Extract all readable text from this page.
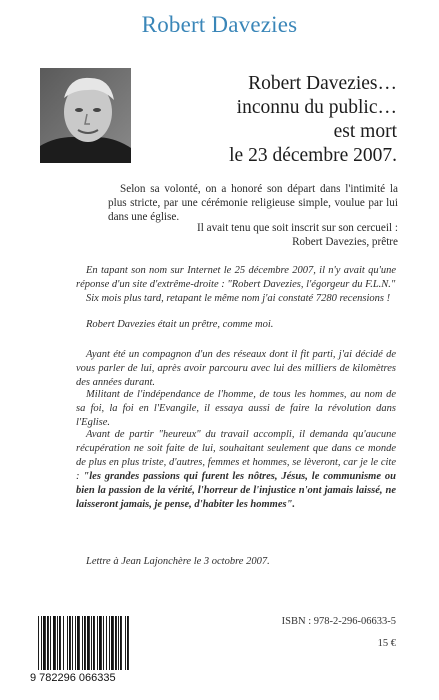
Robert Davezies
Robert Davezies…
inconnu du public…
est mort
le 23 décembre 2007.
Selon sa volonté, on a honoré son départ dans l'intimité la plus stricte, par une cérémonie religieuse simple, voulue par lui dans une église.
Il avait tenu que soit inscrit sur son cercueil :
Robert Davezies, prêtre

En tapant son nom sur Internet le 25 décembre 2007, il n'y avait qu'une réponse d'un site d'extrême-droite : "Robert Davezies, l'égorgeur du F.L.N."

Six mois plus tard, retapant le même nom j'ai constaté 7280 recensions !

Robert Davezies était un prêtre, comme moi.

Ayant été un compagnon d'un des réseaux dont il fit parti, j'ai décidé de vous parler de lui, après avoir parcouru avec lui des milliers de kilomètres des années durant.

Militant de l'indépendance de l'homme, de tous les hommes, au nom de sa foi, la foi en l'Evangile, il essaya aussi de faire la révolution dans l'Eglise.

Avant de partir "heureux" du travail accompli, il demanda qu'aucune récupération ne soit faite de lui, souhaitant seulement que dans ce monde de plus en plus triste, d'autres, femmes et hommes, se lèveront, car je le cite : "les grandes passions qui furent les nôtres, Jésus, le communisme ou bien la passion de la vérité, l'horreur de l'injustice n'ont jamais laissé, ne laisseront jamais, je pense, d'habiter les hommes".

Lettre à Jean Lajonchère le 3 octobre 2007.

9 782296 066335
ISBN : 978-2-296-06633-5
15 €
